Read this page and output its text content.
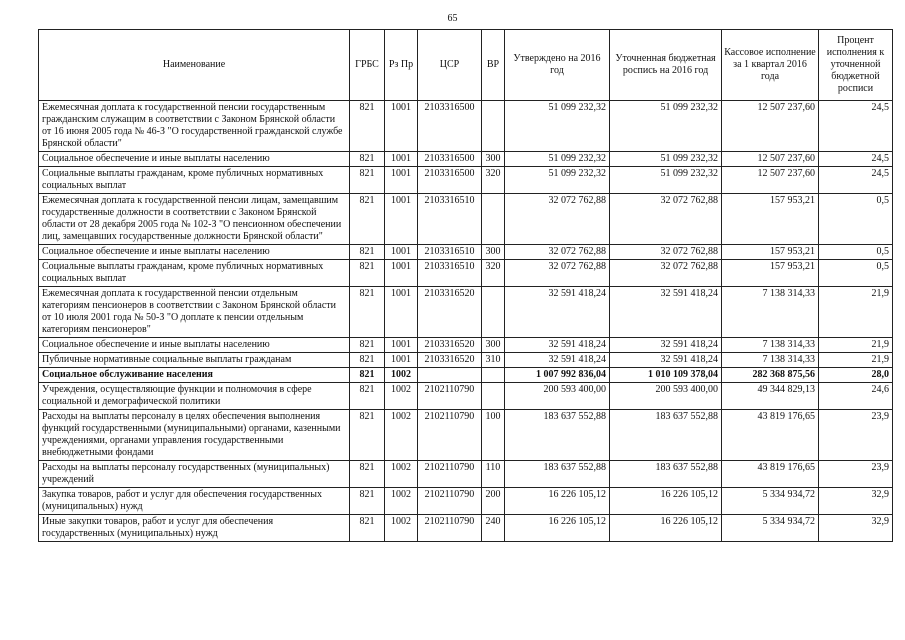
65
Наименование	ГРБС	Рз Пр	ЦСР	ВР	Утверждено на 2016 год	Уточненная бюджетная роспись на 2016 год	Кассовое исполнение за 1 квартал 2016 года	Процент исполнения к уточненной бюджетной росписи
Ежемесячная доплата к государственной пенсии государственным гражданским служащим в соответствии с Законом Брянской области от 16 июня 2005 года № 46-З "О государственной гражданской службе Брянской области"	821	1001	2103316500		51 099 232,32	51 099 232,32	12 507 237,60	24,5
Социальное обеспечение и иные выплаты населению	821	1001	2103316500	300	51 099 232,32	51 099 232,32	12 507 237,60	24,5
Социальные выплаты гражданам, кроме публичных нормативных социальных выплат	821	1001	2103316500	320	51 099 232,32	51 099 232,32	12 507 237,60	24,5
Ежемесячная доплата к государственной пенсии лицам, замещавшим государственные должности в соответствии с Законом Брянской области от 28 декабря 2005 года № 102-З "О пенсионном обеспечении лиц, замещавших государственные должности Брянской области"	821	1001	2103316510		32 072 762,88	32 072 762,88	157 953,21	0,5
Социальное обеспечение и иные выплаты населению	821	1001	2103316510	300	32 072 762,88	32 072 762,88	157 953,21	0,5
Социальные выплаты гражданам, кроме публичных нормативных социальных выплат	821	1001	2103316510	320	32 072 762,88	32 072 762,88	157 953,21	0,5
Ежемесячная доплата к государственной пенсии отдельным категориям пенсионеров в соответствии с Законом Брянской области от 10 июля 2001 года № 50-З "О доплате к пенсии отдельным категориям пенсионеров"	821	1001	2103316520		32 591 418,24	32 591 418,24	7 138 314,33	21,9
Социальное обеспечение и иные выплаты населению	821	1001	2103316520	300	32 591 418,24	32 591 418,24	7 138 314,33	21,9
Публичные нормативные социальные выплаты гражданам	821	1001	2103316520	310	32 591 418,24	32 591 418,24	7 138 314,33	21,9
Социальное обслуживание населения	821	1002			1 007 992 836,04	1 010 109 378,04	282 368 875,56	28,0
Учреждения, осуществляющие функции и полномочия в сфере социальной и демографической политики	821	1002	2102110790		200 593 400,00	200 593 400,00	49 344 829,13	24,6
Расходы на выплаты персоналу в целях обеспечения выполнения функций государственными (муниципальными) органами, казенными учреждениями, органами управления государственными внебюджетными фондами	821	1002	2102110790	100	183 637 552,88	183 637 552,88	43 819 176,65	23,9
Расходы на выплаты персоналу государственных (муниципальных) учреждений	821	1002	2102110790	110	183 637 552,88	183 637 552,88	43 819 176,65	23,9
Закупка товаров, работ и услуг для обеспечения государственных (муниципальных) нужд	821	1002	2102110790	200	16 226 105,12	16 226 105,12	5 334 934,72	32,9
Иные закупки товаров, работ и услуг для обеспечения государственных (муниципальных) нужд	821	1002	2102110790	240	16 226 105,12	16 226 105,12	5 334 934,72	32,9
